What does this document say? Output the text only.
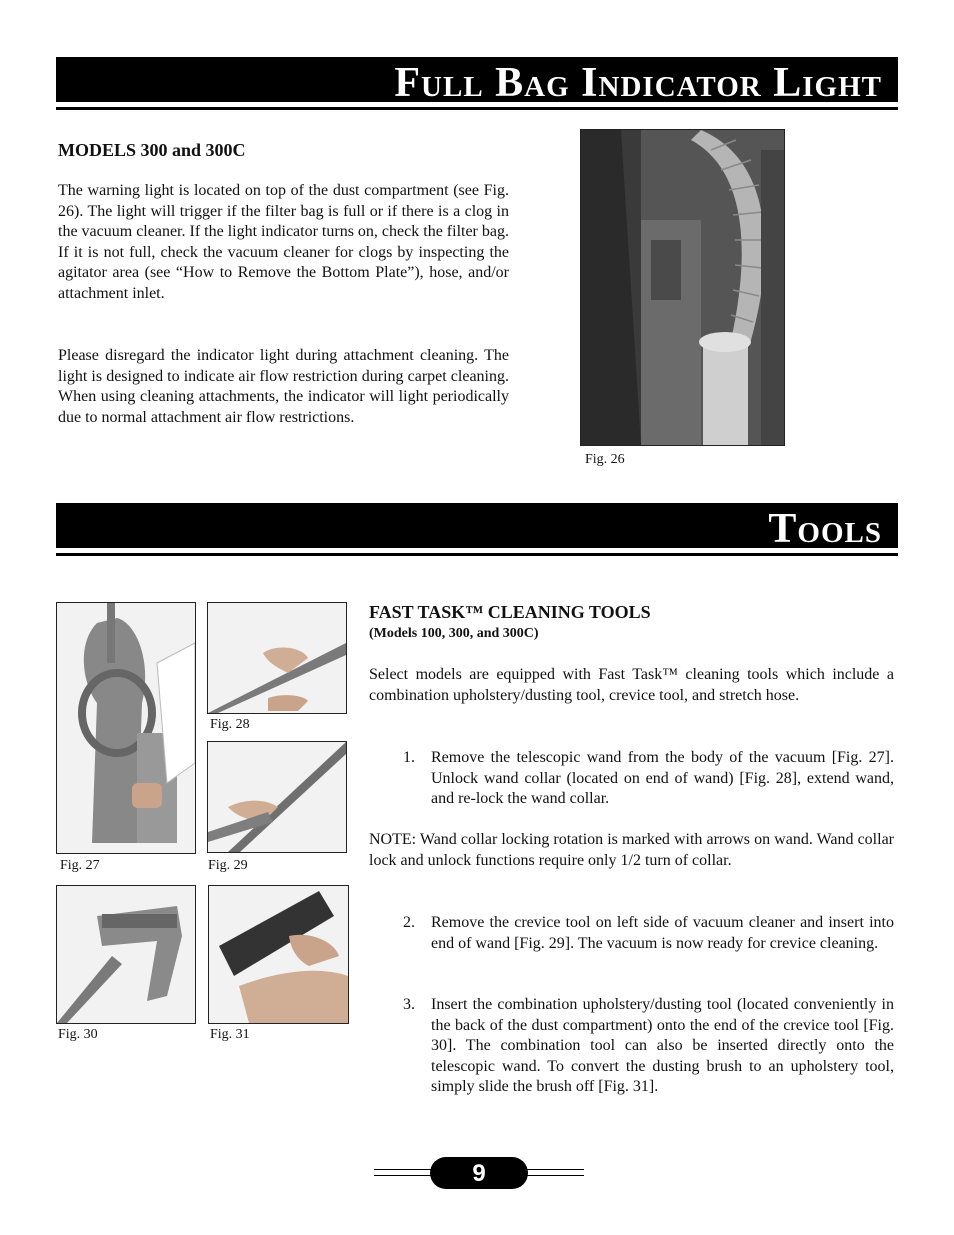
Full Bag Indicator Light
MODELS 300 and 300C

The warning light is located on top of the dust compartment (see Fig. 26). The light will trigger if the filter bag is full or if there is a clog in the vacuum cleaner. If the light indicator turns on, check the filter bag. If it is not full, check the vacuum cleaner for clogs by inspecting the agitator area (see “How to Remove the Bottom Plate”), hose, and/or attachment inlet.

Please disregard the indicator light during attachment cleaning. The light is designed to indicate air flow restriction during carpet cleaning. When using cleaning attachments, the indicator will light periodically due to normal attachment air flow restrictions.

Fig. 26
Tools
Fig. 27
Fig. 28
Fig. 29
Fig. 30	Fig. 31
FAST TASK™ CLEANING TOOLS
(Models 100, 300, and 300C)

Select models are equipped with Fast Task™ cleaning tools which include a combination upholstery/dusting tool, crevice tool, and stretch hose.

1. Remove the telescopic wand from the body of the vacuum [Fig. 27]. Unlock wand collar (located on end of wand) [Fig. 28], extend wand, and re-lock the wand collar.

NOTE: Wand collar locking rotation is marked with arrows on wand. Wand collar lock and unlock functions require only 1/2 turn of collar.

2. Remove the crevice tool on left side of vacuum cleaner and insert into end of wand [Fig. 29]. The vacuum is now ready for crevice cleaning.
3. Insert the combination upholstery/dusting tool (located conveniently in the back of the dust compartment) onto the end of the crevice tool [Fig. 30]. The combination tool can also be inserted directly onto the telescopic wand. To convert the dusting brush to an upholstery tool, simply slide the brush off [Fig. 31].
9
